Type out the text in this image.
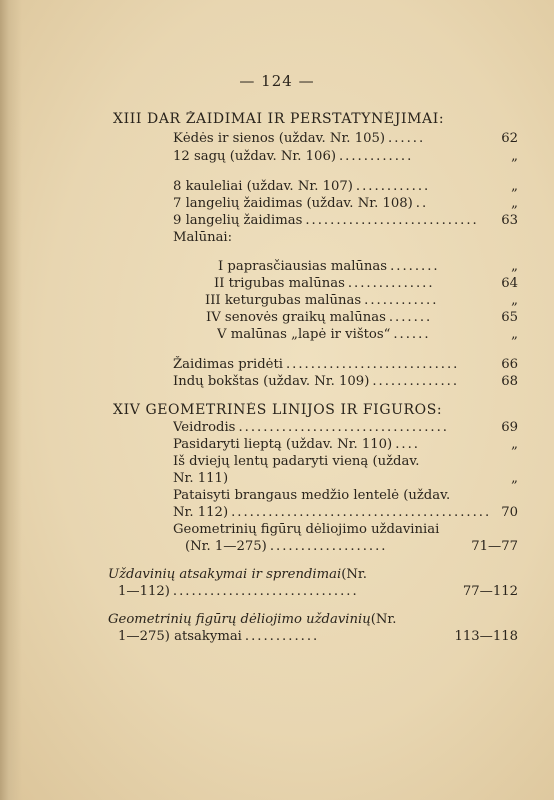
— 124 —
XIII DAR ŽAIDIMAI IR PERSTATYNĖJIMAI:
Kėdės ir sienos (uždav. Nr. 105) ......	62
12 sagų (uždav. Nr. 106) ............	„
8 kauleliai (uždav. Nr. 107) ............	„
7 langelių žaidimas (uždav. Nr. 108) ..	„
9 langelių žaidimas ............................	63
Malūnai:
I paprasčiausias malūnas ........	„
II trigubas malūnas ..............	64
III keturgubas malūnas ............	„
IV senovės graikų malūnas .......	65
V malūnas „lapė ir vištos“ ......	„
Žaidimas pridėti ............................	66
Indų bokštas (uždav. Nr. 109) ..............	68
XIV GEOMETRINĖS LINIJOS IR FIGŪROS:
Veidrodis ..................................	69
Pasidaryti lieptą (uždav. Nr. 110) ....	„
Iš dviejų lentų padaryti vieną (uždav.
Nr. 111)	„
Pataisyti brangaus medžio lentelė (uždav.
Nr. 112) .......................................... 70
Geometrinių figūrų dėliojimo uždaviniai
(Nr. 1—275) ...................	71—77
Uždavinių atsakymai ir sprendimai (Nr.
1—112) ..............................	77—112
Geometrinių figūrų dėliojimo uždavinių (Nr.
1—275) atsakymai ............	113—118
